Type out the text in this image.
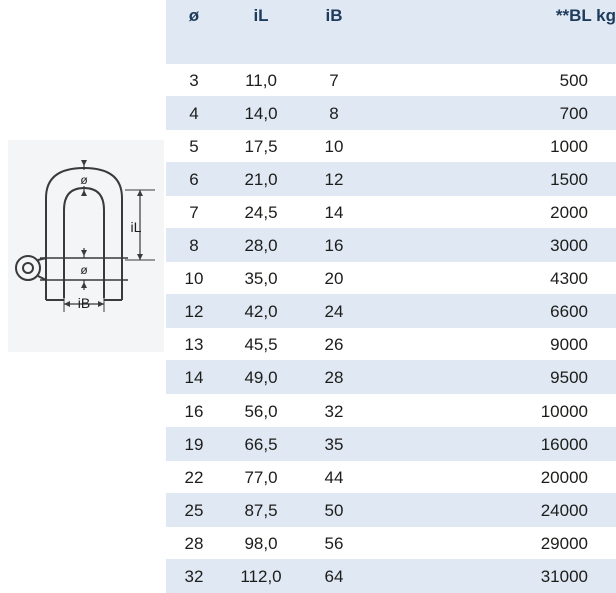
ø
ø
iL
iB
ø	iL	iB	**BL kg
3	11,0	7	500
4	14,0	8	700
5	17,5	10	1000
6	21,0	12	1500
7	24,5	14	2000
8	28,0	16	3000
10	35,0	20	4300
12	42,0	24	6600
13	45,5	26	9000
14	49,0	28	9500
16	56,0	32	10000
19	66,5	35	16000
22	77,0	44	20000
25	87,5	50	24000
28	98,0	56	29000
32	112,0	64	31000
